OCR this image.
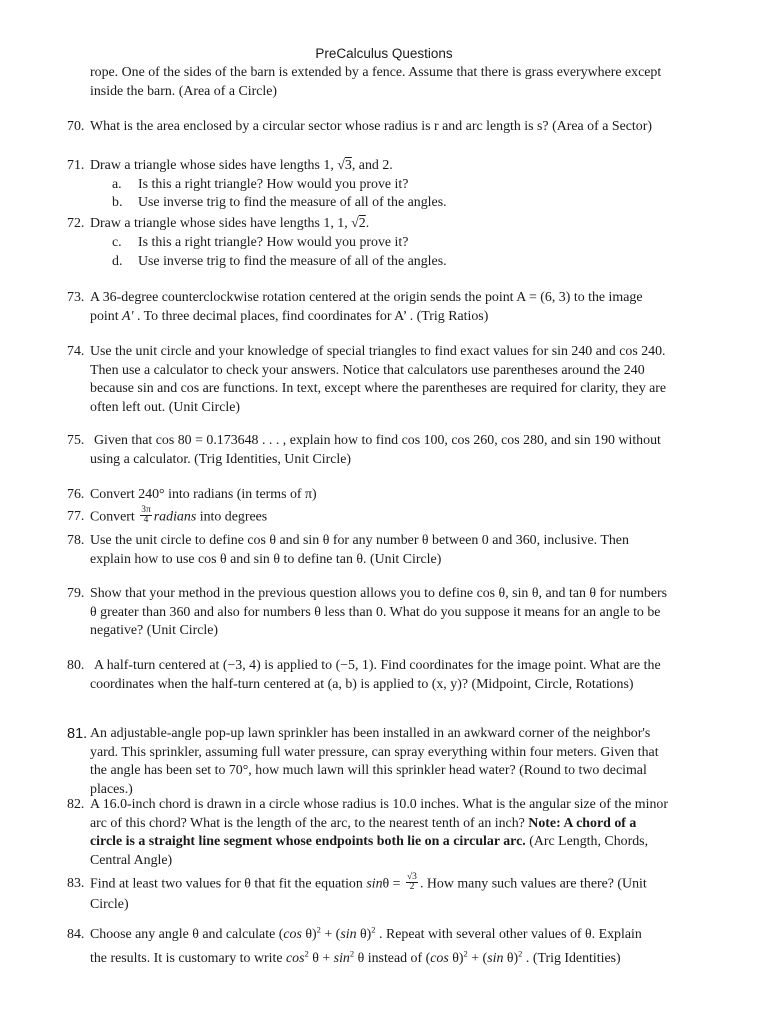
PreCalculus Questions
rope. One of the sides of the barn is extended by a fence. Assume that there is grass everywhere except
inside the barn. (Area of a Circle)
70. What is the area enclosed by a circular sector whose radius is r and arc length is s? (Area of a Sector)
71. Draw a triangle whose sides have lengths 1, √3, and 2.
a. Is this a right triangle? How would you prove it?
b. Use inverse trig to find the measure of all of the angles.
72. Draw a triangle whose sides have lengths 1, 1, √2.
c. Is this a right triangle? How would you prove it?
d. Use inverse trig to find the measure of all of the angles.
73. A 36-degree counterclockwise rotation centered at the origin sends the point A = (6, 3) to the image
point A' . To three decimal places, find coordinates for A’ . (Trig Ratios)
74. Use the unit circle and your knowledge of special triangles to find exact values for sin 240 and cos 240.
Then use a calculator to check your answers. Notice that calculators use parentheses around the 240
because sin and cos are functions. In text, except where the parentheses are required for clarity, they are
often left out. (Unit Circle)
75. Given that cos 80 = 0.173648 . . . , explain how to find cos 100, cos 260, cos 280, and sin 190 without
using a calculator. (Trig Identities, Unit Circle)
76. Convert 240° into radians (in terms of π)
77. Convert $\frac{3\pi}{4}$ radians into degrees
78. Use the unit circle to define cos θ and sin θ for any number θ between 0 and 360, inclusive. Then
explain how to use cos θ and sin θ to define tan θ. (Unit Circle)
79. Show that your method in the previous question allows you to define cos θ, sin θ, and tan θ for numbers
θ greater than 360 and also for numbers θ less than 0. What do you suppose it means for an angle to be
negative? (Unit Circle)
80. A half-turn centered at (−3, 4) is applied to (−5, 1). Find coordinates for the image point. What are the
coordinates when the half-turn centered at (a, b) is applied to (x, y)? (Midpoint, Circle, Rotations)
81. An adjustable-angle pop-up lawn sprinkler has been installed in an awkward corner of the neighbor's
yard. This sprinkler, assuming full water pressure, can spray everything within four meters. Given that
the angle has been set to 70°, how much lawn will this sprinkler head water? (Round to two decimal
places.)
82. A 16.0-inch chord is drawn in a circle whose radius is 10.0 inches. What is the angular size of the minor
arc of this chord? What is the length of the arc, to the nearest tenth of an inch? Note: A chord of a
circle is a straight line segment whose endpoints both lie on a circular arc. (Arc Length, Chords,
Central Angle)
83. Find at least two values for θ that fit the equation $\sin\theta = \frac{√3}{2}$ . How many such values are there? (Unit
Circle)
84. Choose any angle θ and calculate (cos θ)$^2$ + (sin θ)$^2$ . Repeat with several other values of θ. Explain
the results. It is customary to write $\cos^2 \theta + \sin^2 \theta$ instead of (cos θ)$^2$ + (sin θ)$^2$ . (Trig Identities)
